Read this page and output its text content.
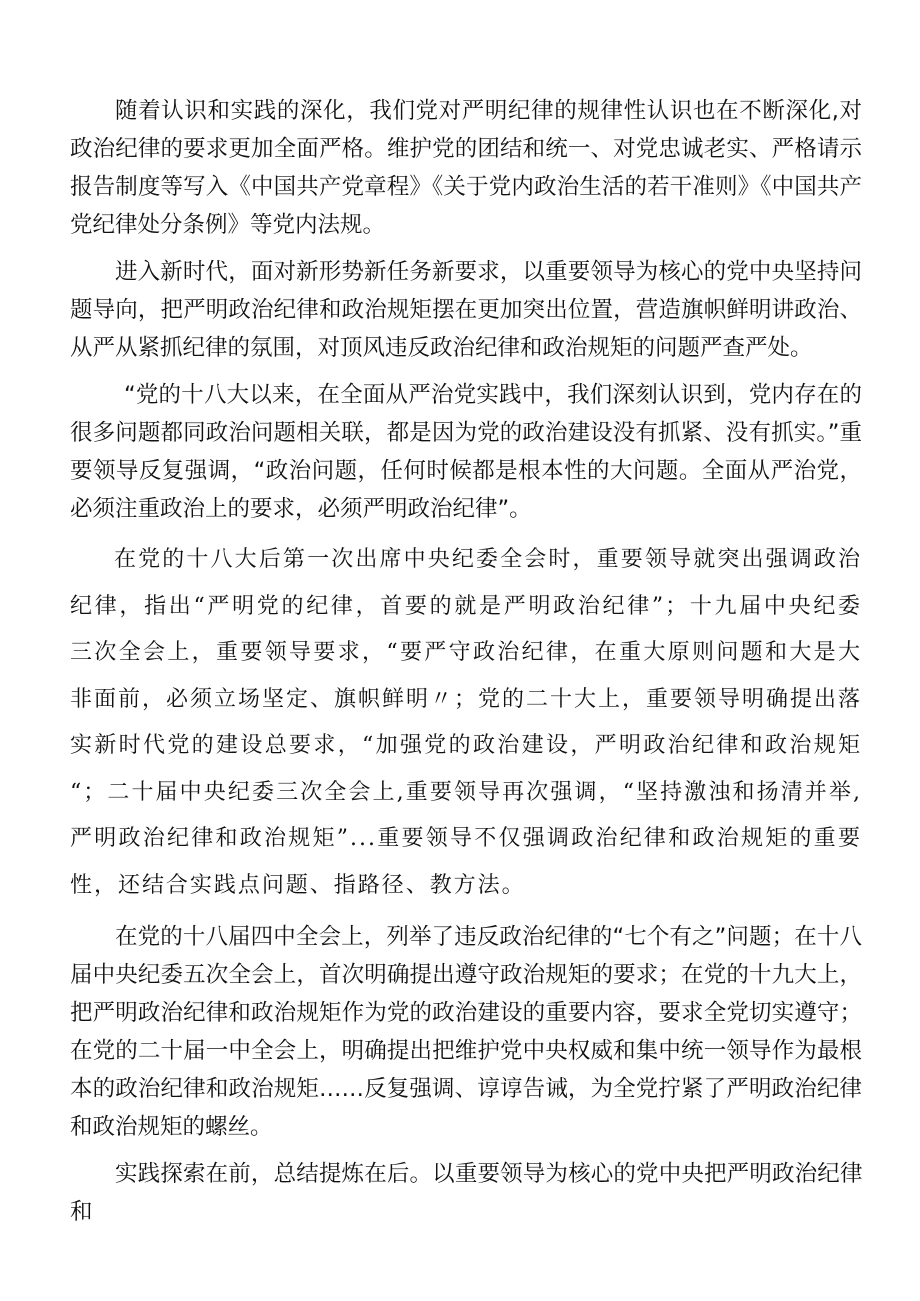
随着认识和实践的深化，我们党对严明纪律的规律性认识也在不断深化,对政治纪律的要求更加全面严格。维护党的团结和统一、对党忠诚老实、严格请示报告制度等写入《中国共产党章程》《关于党内政治生活的若干准则》《中国共产党纪律处分条例》等党内法规。

进入新时代，面对新形势新任务新要求，以重要领导为核心的党中央坚持问题导向，把严明政治纪律和政治规矩摆在更加突出位置，营造旗帜鲜明讲政治、从严从紧抓纪律的氛围，对顶风违反政治纪律和政治规矩的问题严查严处。

“党的十八大以来，在全面从严治党实践中，我们深刻认识到，党内存在的很多问题都同政治问题相关联，都是因为党的政治建设没有抓紧、没有抓实。”重要领导反复强调，“政治问题，任何时候都是根本性的大问题。全面从严治党，必须注重政治上的要求，必须严明政治纪律”。

在党的十八大后第一次出席中央纪委全会时，重要领导就突出强调政治纪律，指出“严明党的纪律，首要的就是严明政治纪律”；十九届中央纪委三次全会上，重要领导要求，“要严守政治纪律，在重大原则问题和大是大非面前，必须立场坚定、旗帜鲜明〃；党的二十大上，重要领导明确提出落实新时代党的建设总要求，“加强党的政治建设，严明政治纪律和政治规矩“；二十届中央纪委三次全会上,重要领导再次强调，“坚持激浊和扬清并举,严明政治纪律和政治规矩”...重要领导不仅强调政治纪律和政治规矩的重要性，还结合实践点问题、指路径、教方法。

在党的十八届四中全会上，列举了违反政治纪律的“七个有之”问题；在十八届中央纪委五次全会上，首次明确提出遵守政治规矩的要求；在党的十九大上，把严明政治纪律和政治规矩作为党的政治建设的重要内容，要求全党切实遵守；在党的二十届一中全会上，明确提出把维护党中央权威和集中统一领导作为最根本的政治纪律和政治规矩……反复强调、谆谆告诫，为全党拧紧了严明政治纪律和政治规矩的螺丝。

实践探索在前，总结提炼在后。以重要领导为核心的党中央把严明政治纪律和
